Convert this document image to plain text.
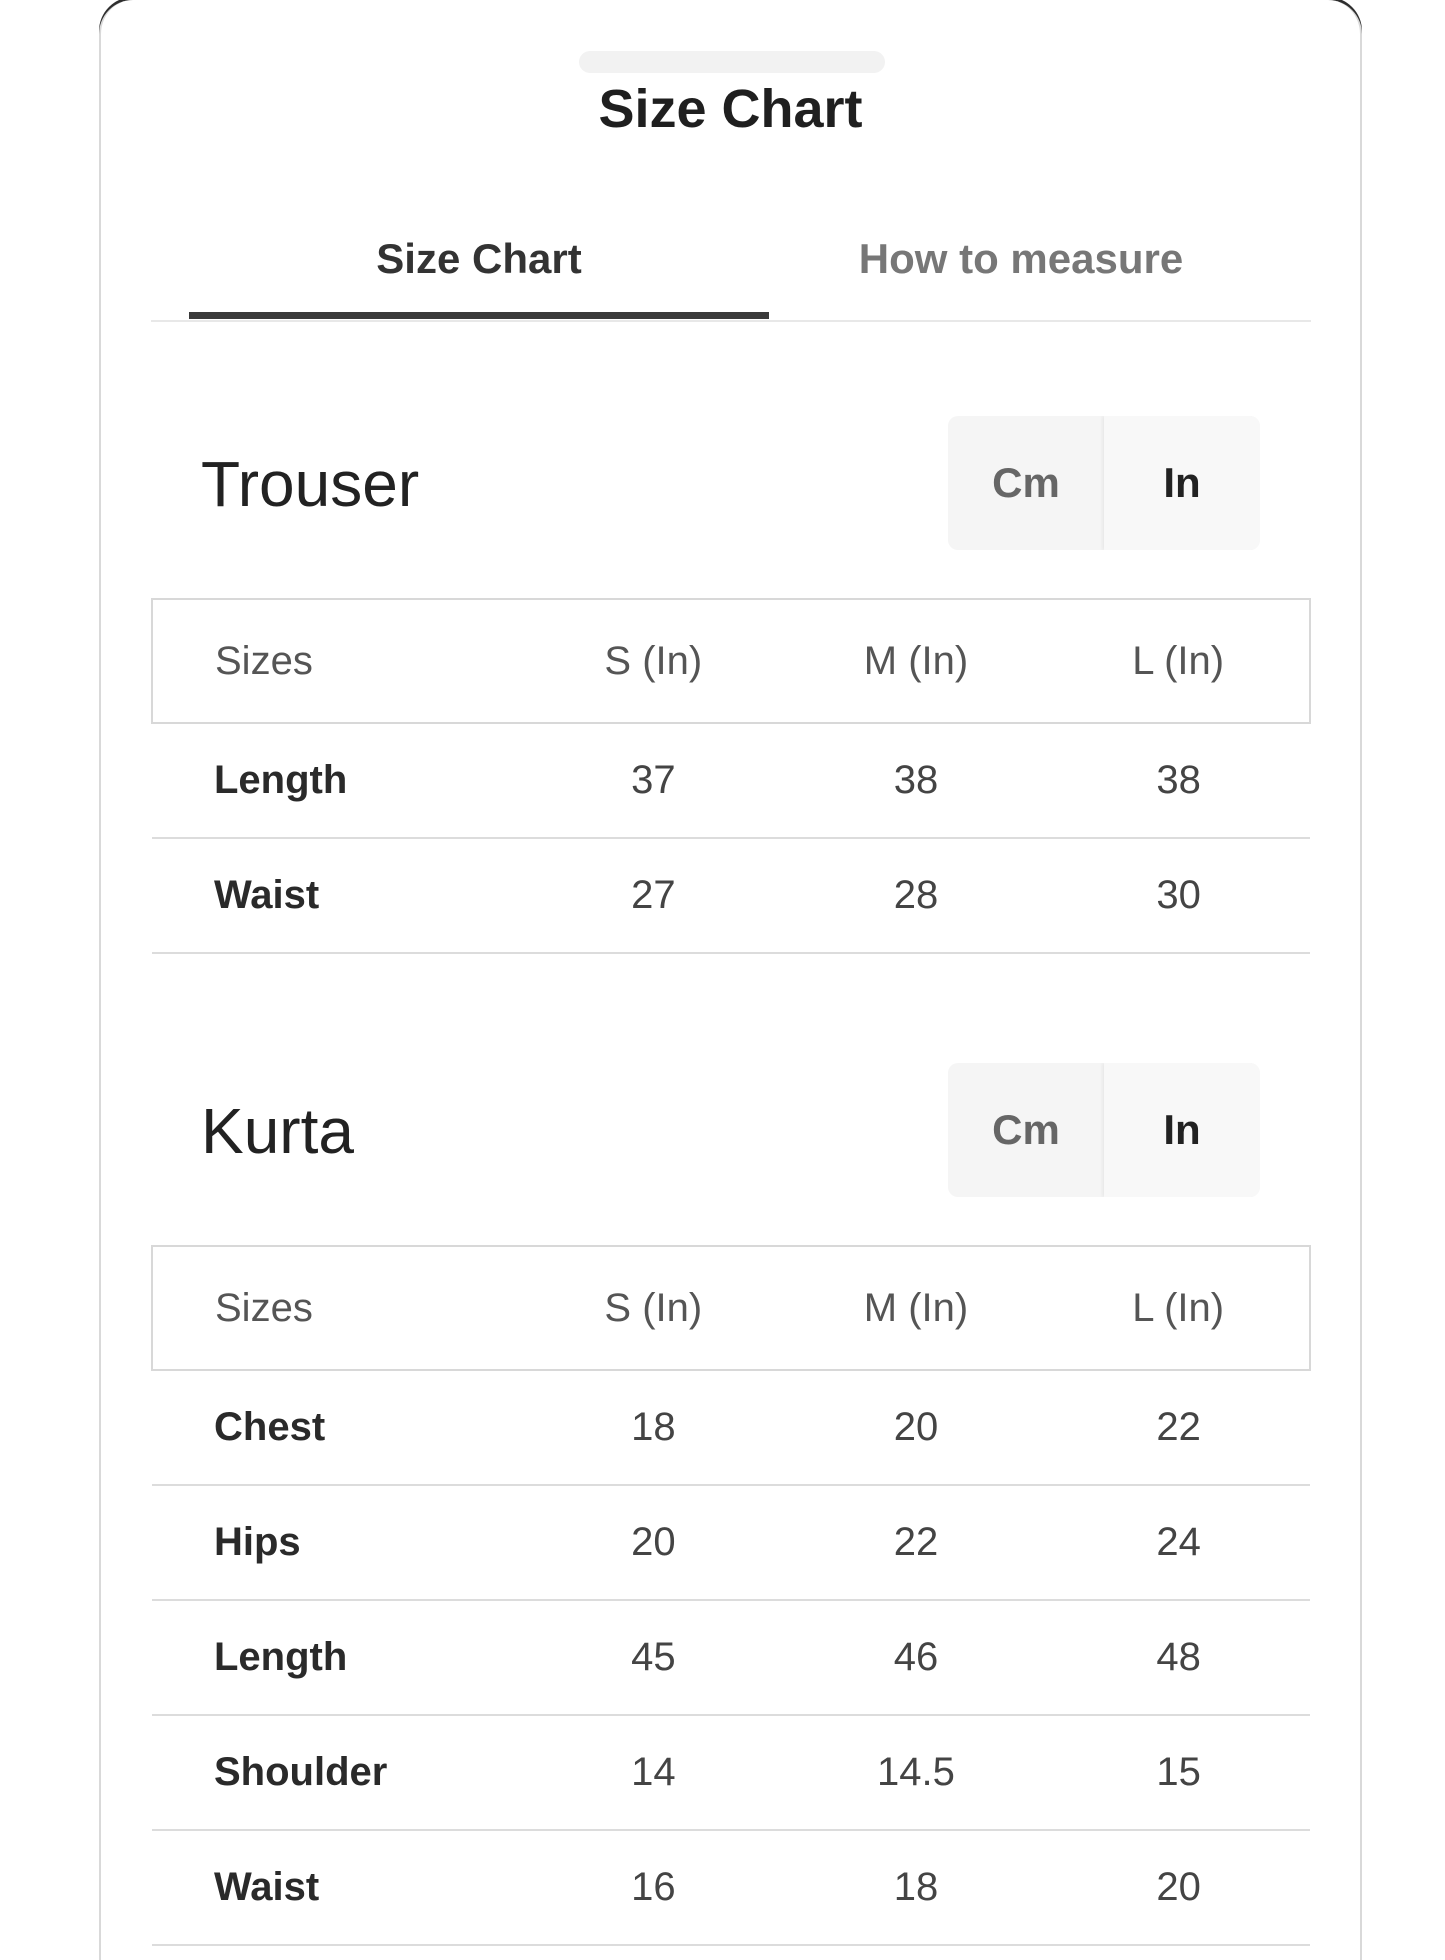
Size Chart
Size Chart	How to measure
Trouser	Cm	In
Sizes	S (In)	M (In)	L (In)
Length	37	38	38
Waist	27	28	30
Kurta	Cm	In
Sizes	S (In)	M (In)	L (In)
Chest	18	20	22
Hips	20	22	24
Length	45	46	48
Shoulder	14	14.5	15
Waist	16	18	20
